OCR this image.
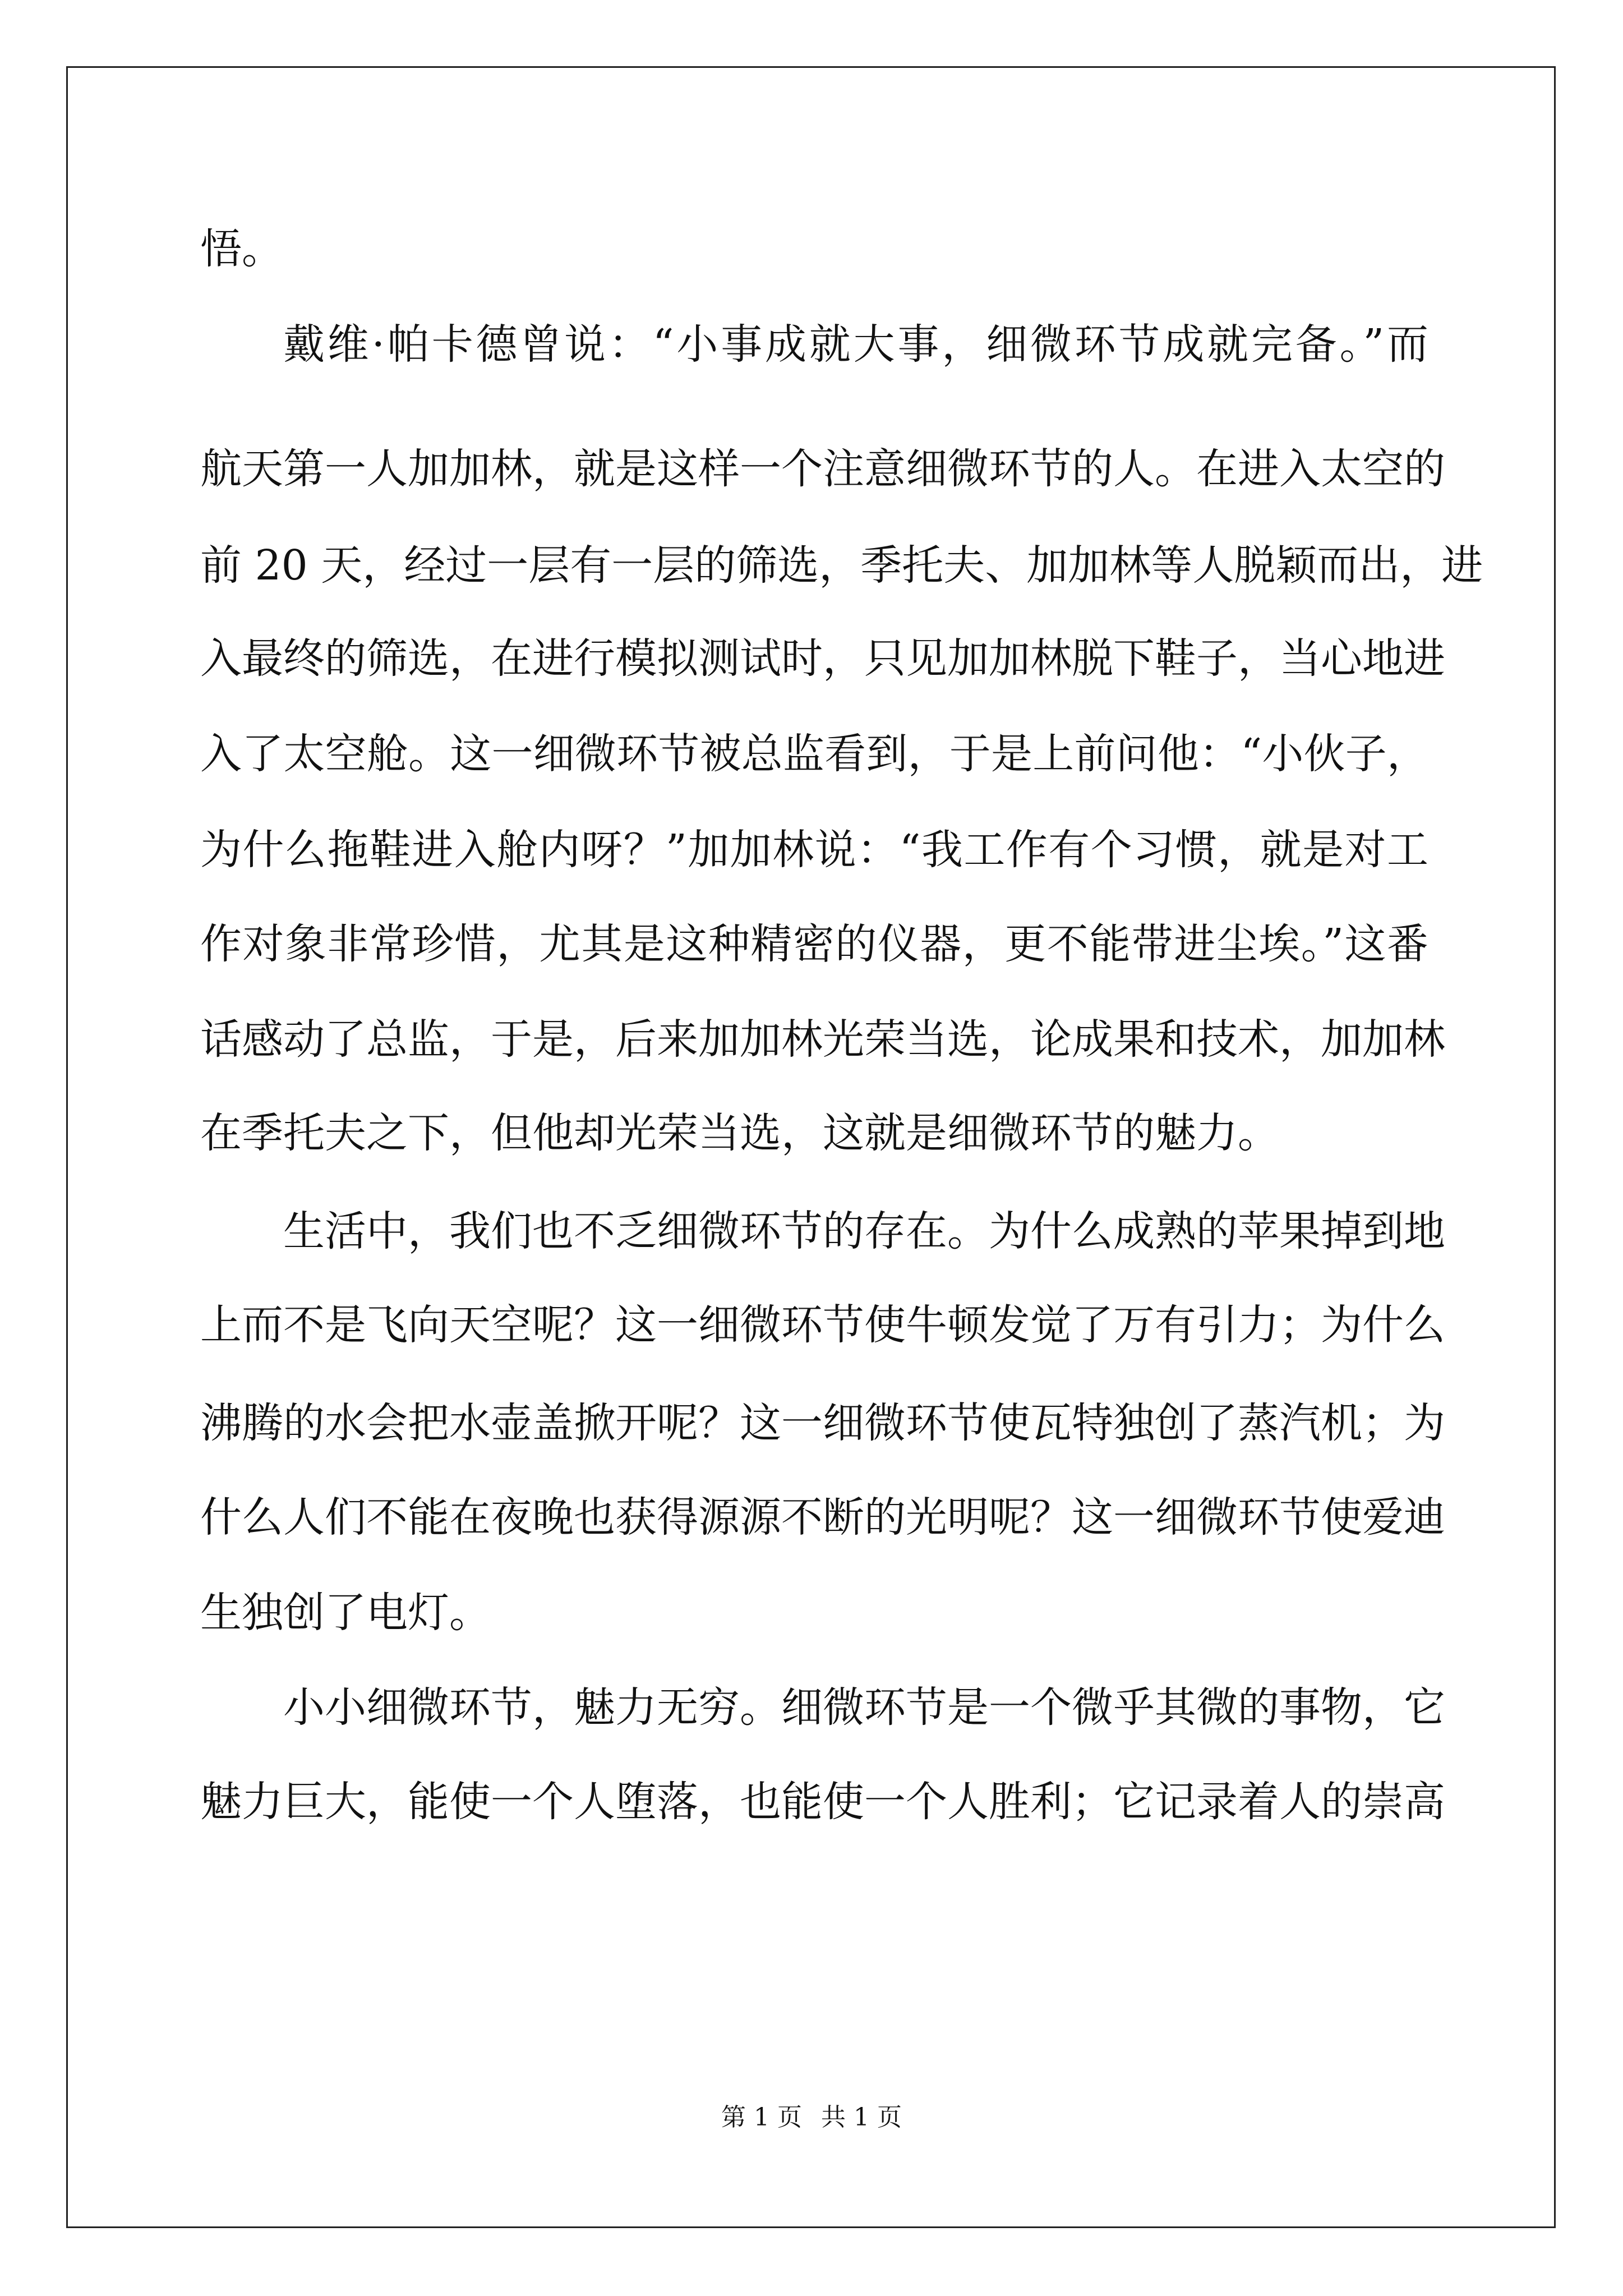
悟。
戴维·帕卡德曾说：“小事成就大事，细微环节成就完备。”而
航天第一人加加林，就是这样一个注意细微环节的人。在进入太空的
前 20 天，经过一层有一层的筛选，季托夫、加加林等人脱颖而出，进
入最终的筛选，在进行模拟测试时，只见加加林脱下鞋子，当心地进
入了太空舱。这一细微环节被总监看到，于是上前问他：“小伙子，
为什么拖鞋进入舱内呀？”加加林说：“我工作有个习惯，就是对工
作对象非常珍惜，尤其是这种精密的仪器，更不能带进尘埃。”这番
话感动了总监，于是，后来加加林光荣当选，论成果和技术，加加林
在季托夫之下，但他却光荣当选，这就是细微环节的魅力。
生活中，我们也不乏细微环节的存在。为什么成熟的苹果掉到地
上而不是飞向天空呢？这一细微环节使牛顿发觉了万有引力；为什么
沸腾的水会把水壶盖掀开呢？这一细微环节使瓦特独创了蒸汽机；为
什么人们不能在夜晚也获得源源不断的光明呢？这一细微环节使爱迪
生独创了电灯。
小小细微环节，魅力无穷。细微环节是一个微乎其微的事物，它
魅力巨大，能使一个人堕落，也能使一个人胜利；它记录着人的崇高
第 1 页 共 1 页
